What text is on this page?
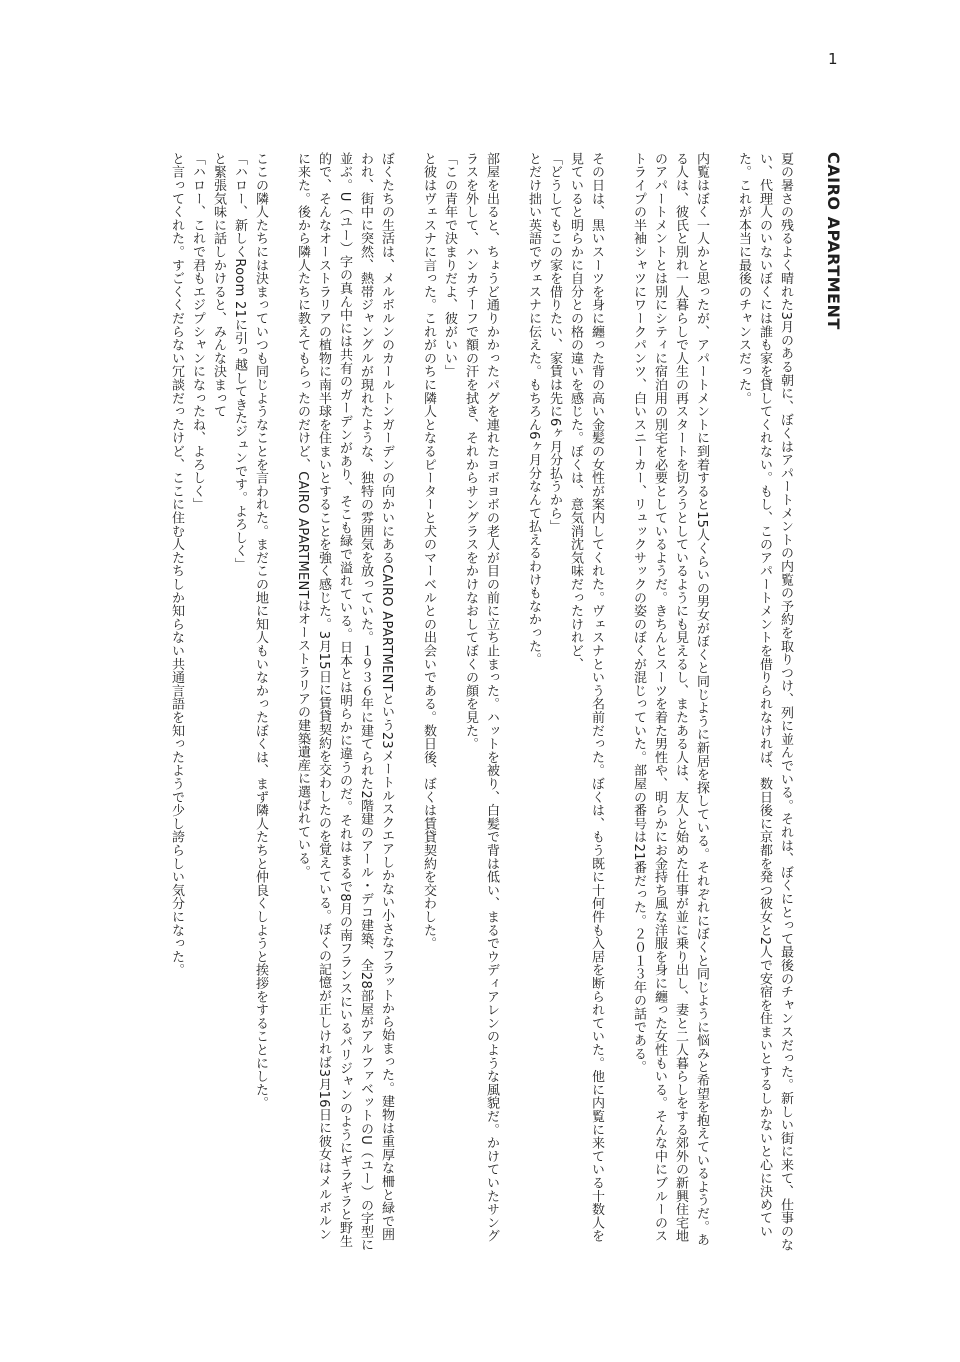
1
CAIRO APARTMENT

夏の暑さの残るよく晴れた3月のある朝に、ぼくはアパートメントの内覧の予約を取りつけ、列に並んでいる。それは、ぼくにとって最後のチャンスだった。新しい街に来て、仕事のない、代理人のいないぼくには誰も家を貸してくれない。もし、このアパートメントを借りられなければ、数日後に京都を発つ彼女と2人で安宿を住まいとするしかないと心に決めていた。これが本当に最後のチャンスだった。

内覧はぼく一人かと思ったが、アパートメントに到着すると15人くらいの男女がぼくと同じように新居を探している。それぞれにぼくと同じように悩みと希望を抱えているようだ。ある人は、彼氏と別れ一人暮らしで人生の再スタートを切ろうとしているようにも見えるし、またある人は、友人と始めた仕事が並に乗り出し、妻と二人暮らしをする郊外の新興住宅地のアパートメントとは別にシティに宿泊用の別宅を必要としているようだ。きちんとスーツを着た男性や、明らかにお金持ち風な洋服を身に纏った女性もいる。そんな中にブルーのストライプの半袖シャツにワークパンツ、白いスニーカー、リュックサックの姿のぼくが混じっていた。部屋の番号は21番だった。２０１３年の話である。

その日は、黒いスーツを身に纏った背の高い金髪の女性が案内してくれた。ヴェスナという名前だった。ぼくは、もう既に十何件も入居を断られていた。他に内覧に来ている十数人を見ていると明らかに自分との格の違いを感じた。ぼくは、意気消沈気味だったけれど、

「どうしてもこの家を借りたい、家賃は先に6ヶ月分払うから」

とだけ拙い英語でヴェスナに伝えた。もちろん6ヶ月分なんて払えるわけもなかった。

部屋を出ると、ちょうど通りかかったパグを連れたヨボヨボの老人が目の前に立ち止まった。ハットを被り、白髪で背は低い、まるでウディアレンのような風貌だ。かけていたサングラスを外して、ハンカチーフで額の汗を拭き、それからサングラスをかけなおしてぼくの顔を見た。

「この青年で決まりだよ、彼がいい」

と彼はヴェスナに言った。これがのちに隣人となるピーターと犬のマーベルとの出会いである。数日後、ぼくは賃貸契約を交わした。

ぼくたちの生活は、メルボルンのカールトンガーデンの向かいにあるCAIRO APARTMENTという23メートルスクエアしかない小さなフラットから始まった。建物は重厚な柵と緑で囲われ、街中に突然、熱帯ジャングルが現れたような、独特の雰囲気を放っていた。１９３６年に建てられた2階建のアール・デコ建築、全28部屋がアルファベットのU（ユー）の字型に並ぶ。U（ユー）字の真ん中には共有のガーデンがあり、そこも緑で溢れている。日本とは明らかに違うのだ。それはまるで8月の南フランスにいるパリジャンのようにギラギラと野生的で、そんなオーストラリアの植物に南半球を住まいとすることを強く感じた。3月15日に賃貸契約を交わしたのを覚えている。ぼくの記憶が正しければ3月16日に彼女はメルボルンに来た。後から隣人たちに教えてもらったのだけど、CAIRO APARTMENTはオーストラリアの建築遺産に選ばれている。

ここの隣人たちには決まっていつも同じようなことを言われた。まだこの地に知人もいなかったぼくは、まず隣人たちと仲良くしようと挨拶をすることにした。

「ハロー、新しくRoom 21に引っ越してきたジュンです。よろしく」

と緊張気味に話しかけると、みんな決まって

「ハロー、これで君もエジプシャンになったね、よろしく」

と言ってくれた。すごくくだらない冗談だったけど、ここに住む人たちしか知らない共通言語を知ったようで少し誇らしい気分になった。
